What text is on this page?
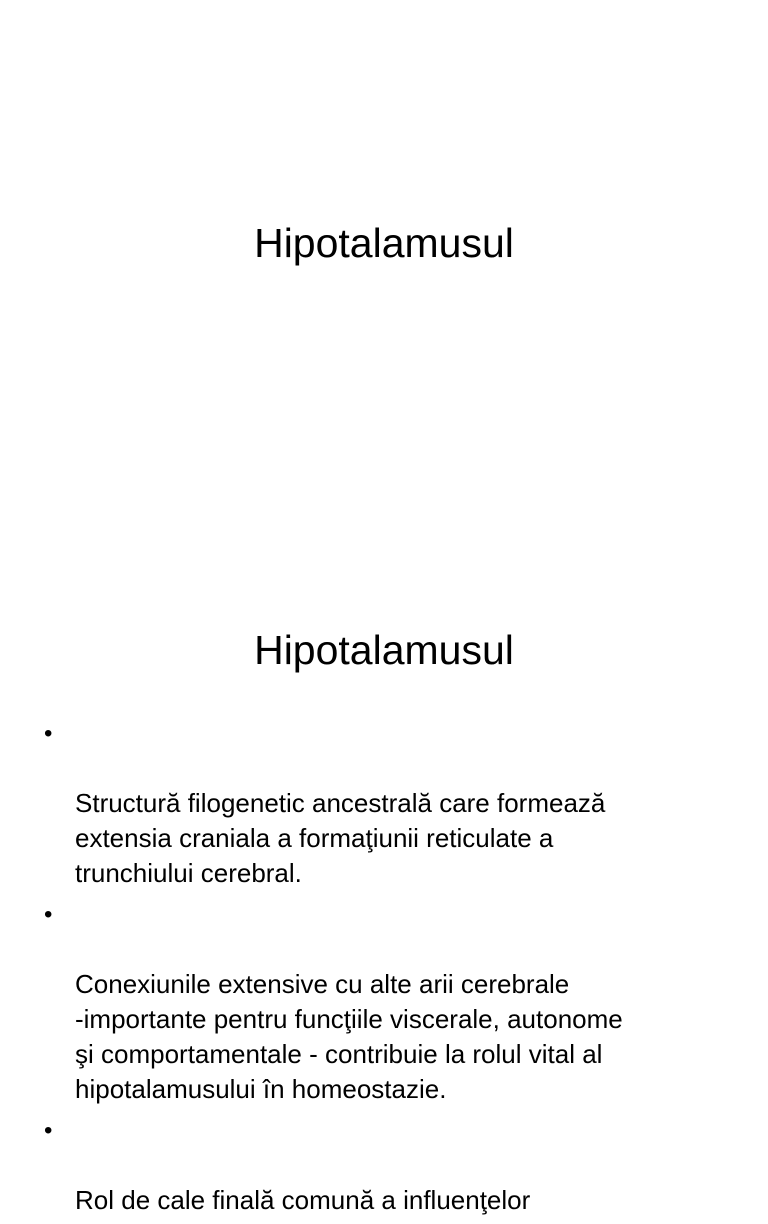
Hipotalamusul
Hipotalamusul

•

Structură filogenetic ancestrală care formează
extensia craniala a formaţiunii reticulate a
trunchiului cerebral.

•

Conexiunile extensive cu alte arii cerebrale
-importante pentru funcţiile viscerale, autonome
şi comportamentale - contribuie la rolul vital al
hipotalamusului în homeostazie.

•

Rol de cale finală comună a influenţelor
